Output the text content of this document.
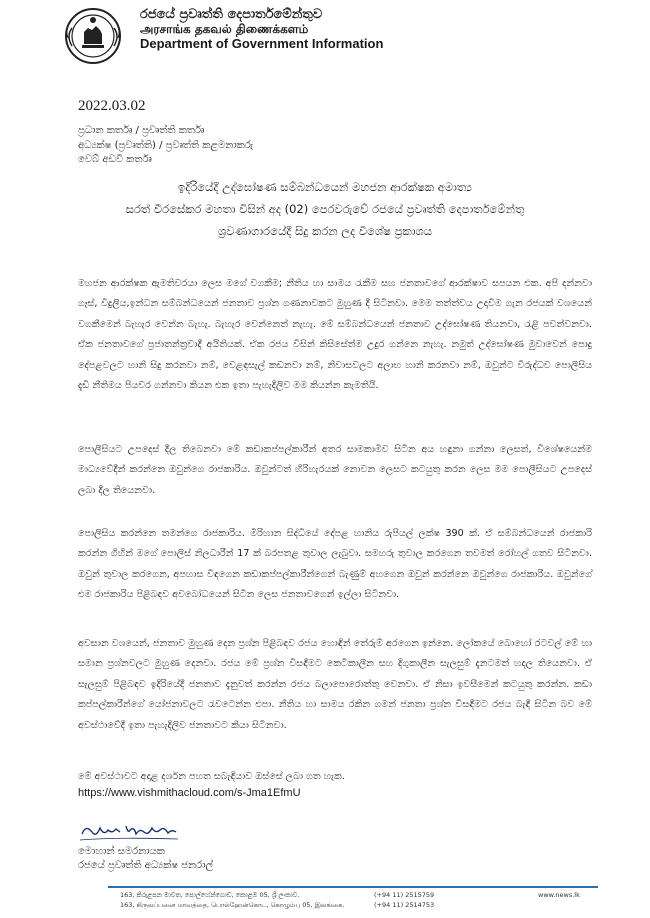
රජයේ ප්‍රවෘත්ති දෙපාර්තමේන්තුව
அரசாங்க தகவல் திணைக்களம்
Department of Government Information
2022.03.02
ප්‍රධාන කර්තෘ / ප්‍රවෘත්ති කර්තෘ
අධ්‍යක්ෂ (ප්‍රවෘත්ති) / ප්‍රවෘත්ති කළමනාකරු
වෙබ් අඩවි කර්තෘ
ඉදිරියේදී උද්ඝෝෂණ සම්බන්ධයෙන් මහජන ආරක්ෂක අමාත්‍ය
සරත් වීරසේකර මහතා විසින් අද (02) පෙරවරුවේ රජයේ ප්‍රවෘත්ති දෙපාර්තමේන්තු
ශ්‍රවණාගාරයේදී සිදු කරන ලද විශේෂ ප්‍රකාශය

මහජන ආරක්ෂක ඇමතිවරයා ලෙස මගේ වගකීම; නීතිය හා සාමය රැකීම සහ ජනතාවගේ ආරක්ෂාව සපයන එක. අපි දන්නවා ගෑස්, විදුලිය,ඉන්ධන සම්බන්ධයෙන් ජනතාව ප්‍රශ්න ගණනාවකට මුහුණ දී සිටිනවා. මෙම තත්ත්වය උදාවීම ගැන රජයක් වශයෙන් වගකීමෙන් බැහැර වෙන්න බැහැ. බැහැර වෙන්නෙත් නැහැ. මේ සම්බන්ධයෙන් ජනතාව උද්ඝෝෂණ තියනවා, රැළි පවත්වනවා. ඒක ජනතාවගේ ප්‍රජාතන්ත්‍රවාදී අයිතියක්. ඒක රජය විසින් කිසිසේත්ම උදුර ගන්නෙ නැහැ. නමුත් උද්ඝෝෂණ මුවාවෙන් පොදු දේපළවලට හානි සිදු කරනවා නම්, වෙළඳසැල් කඩනවා නම්, නිවාසවලට අලාභ හානි කරනවා නම්, ඔවුන්ට විරුද්ධව පොලීසිය දැඩි නීතිමය පියවර ගන්නවා කියන එක ඉතා පැහැදිලිව මම කියන්න කැමතියි.

පොලීසියට උපදෙස් දීල තිබෙනවා මේ කඩාකප්පල්කාරීන් අතර සාමකාමීව සිටින අය හඳුනා ගන්නා ලෙසත්, විශේෂයෙන්ම මාධ්‍යවේදීන් කරන්නෙ ඔවුන්ගෙ රාජකාරිය. ඔවුන්ටත් හිරිහැරයක් නොවන ලෙසට කටයුතු කරන ලෙස මම පොලීසියට උපදෙස් ලබා දීල තියෙනවා.

පොලිසිය කරන්නෙ තමන්ගෙ රාජකාරිය. මිරිහාන සිද්ධියේ දේපළ හානිය රුපියල් ලක්ෂ 390 ක්. ඒ සම්බන්ධයෙන් රාජකාරි කරන්න ගිහින් මගේ පොලිස් නිලධාරීන් 17 ක් බරපතළ තුවාල ලැබුවා. සමහරු තුවාල කරගෙන තවමත් රෝහල් ගතව සිටිනවා. ඔවුන් තුවාල කරගෙන, අපහාස විඳගෙන කඩාකප්පල්කාරීන්ගෙන් බැණුම් අහගෙන ඔවුන් කරන්නෙ ඔවුන්ගෙ රාජකාරිය. ඔවුන්ගේ එම රාජකාරිය පිළිබඳව අවබෝධයෙන් සිටින ලෙස ජනතාවගෙන් ඉල්ලා සිටිනවා.

අවසාන වශයෙන්, ජනතාව මුහුණ දෙන ප්‍රශ්න පිළිබඳව රජය හොඳින් තේරුම් අරගෙන ඉන්නෙ. ලෝකයේ බොහෝ රටවල් මේ හා සමාන ප්‍රශ්නවලට මුහුණ දෙනවා. රජය මේ ප්‍රශ්න විසඳීමට කෙටිකාලීන සහ දිගුකාලීන සැලසුම් දැනටමත් හදල තියෙනවා. ඒ සැලසුම් පිළිබඳව ඉදිරියේදී ජනතාව දැනුවත් කරන්න රජය බලාපොරොත්තු වෙනවා. ඒ නිසා ඉවසීමෙන් කටයුතු කරන්න. කඩා කප්පල්කාරීන්ගේ යෝජනාවලට රැවටෙන්න එපා. නීතිය හා සාමය රකින ගමන් ජනතා ප්‍රශ්න විසඳීමට රජය බැඳී සිටින බව මේ අවස්ථාවේදී ඉතා පැහැදිලිව ජනතාවට කියා සිටිනවා.

මේ අවස්ථාවට අදාළ දර්ශන පහත සබැඳියාව ඔස්සේ ලබා ගත හැක.
https://www.vishmithacloud.com/s-Jma1EfmU
මොහාන් සමරනායක
රජයේ ප්‍රවෘත්ති අධ්‍යක්ෂ ජනරාල්
163, කිරුළපන මාවත, පොල්හේන්ගොඩ, කොළඹ 05, ශ්‍රී ලංකාව.
163, கிருலப்பனை மாவத்தை, பொல்ஹேன்கொட, கொழும்பு 05, இலங்கை.
(+94 11) 2515759
(+94 11) 2514753
www.news.lk
